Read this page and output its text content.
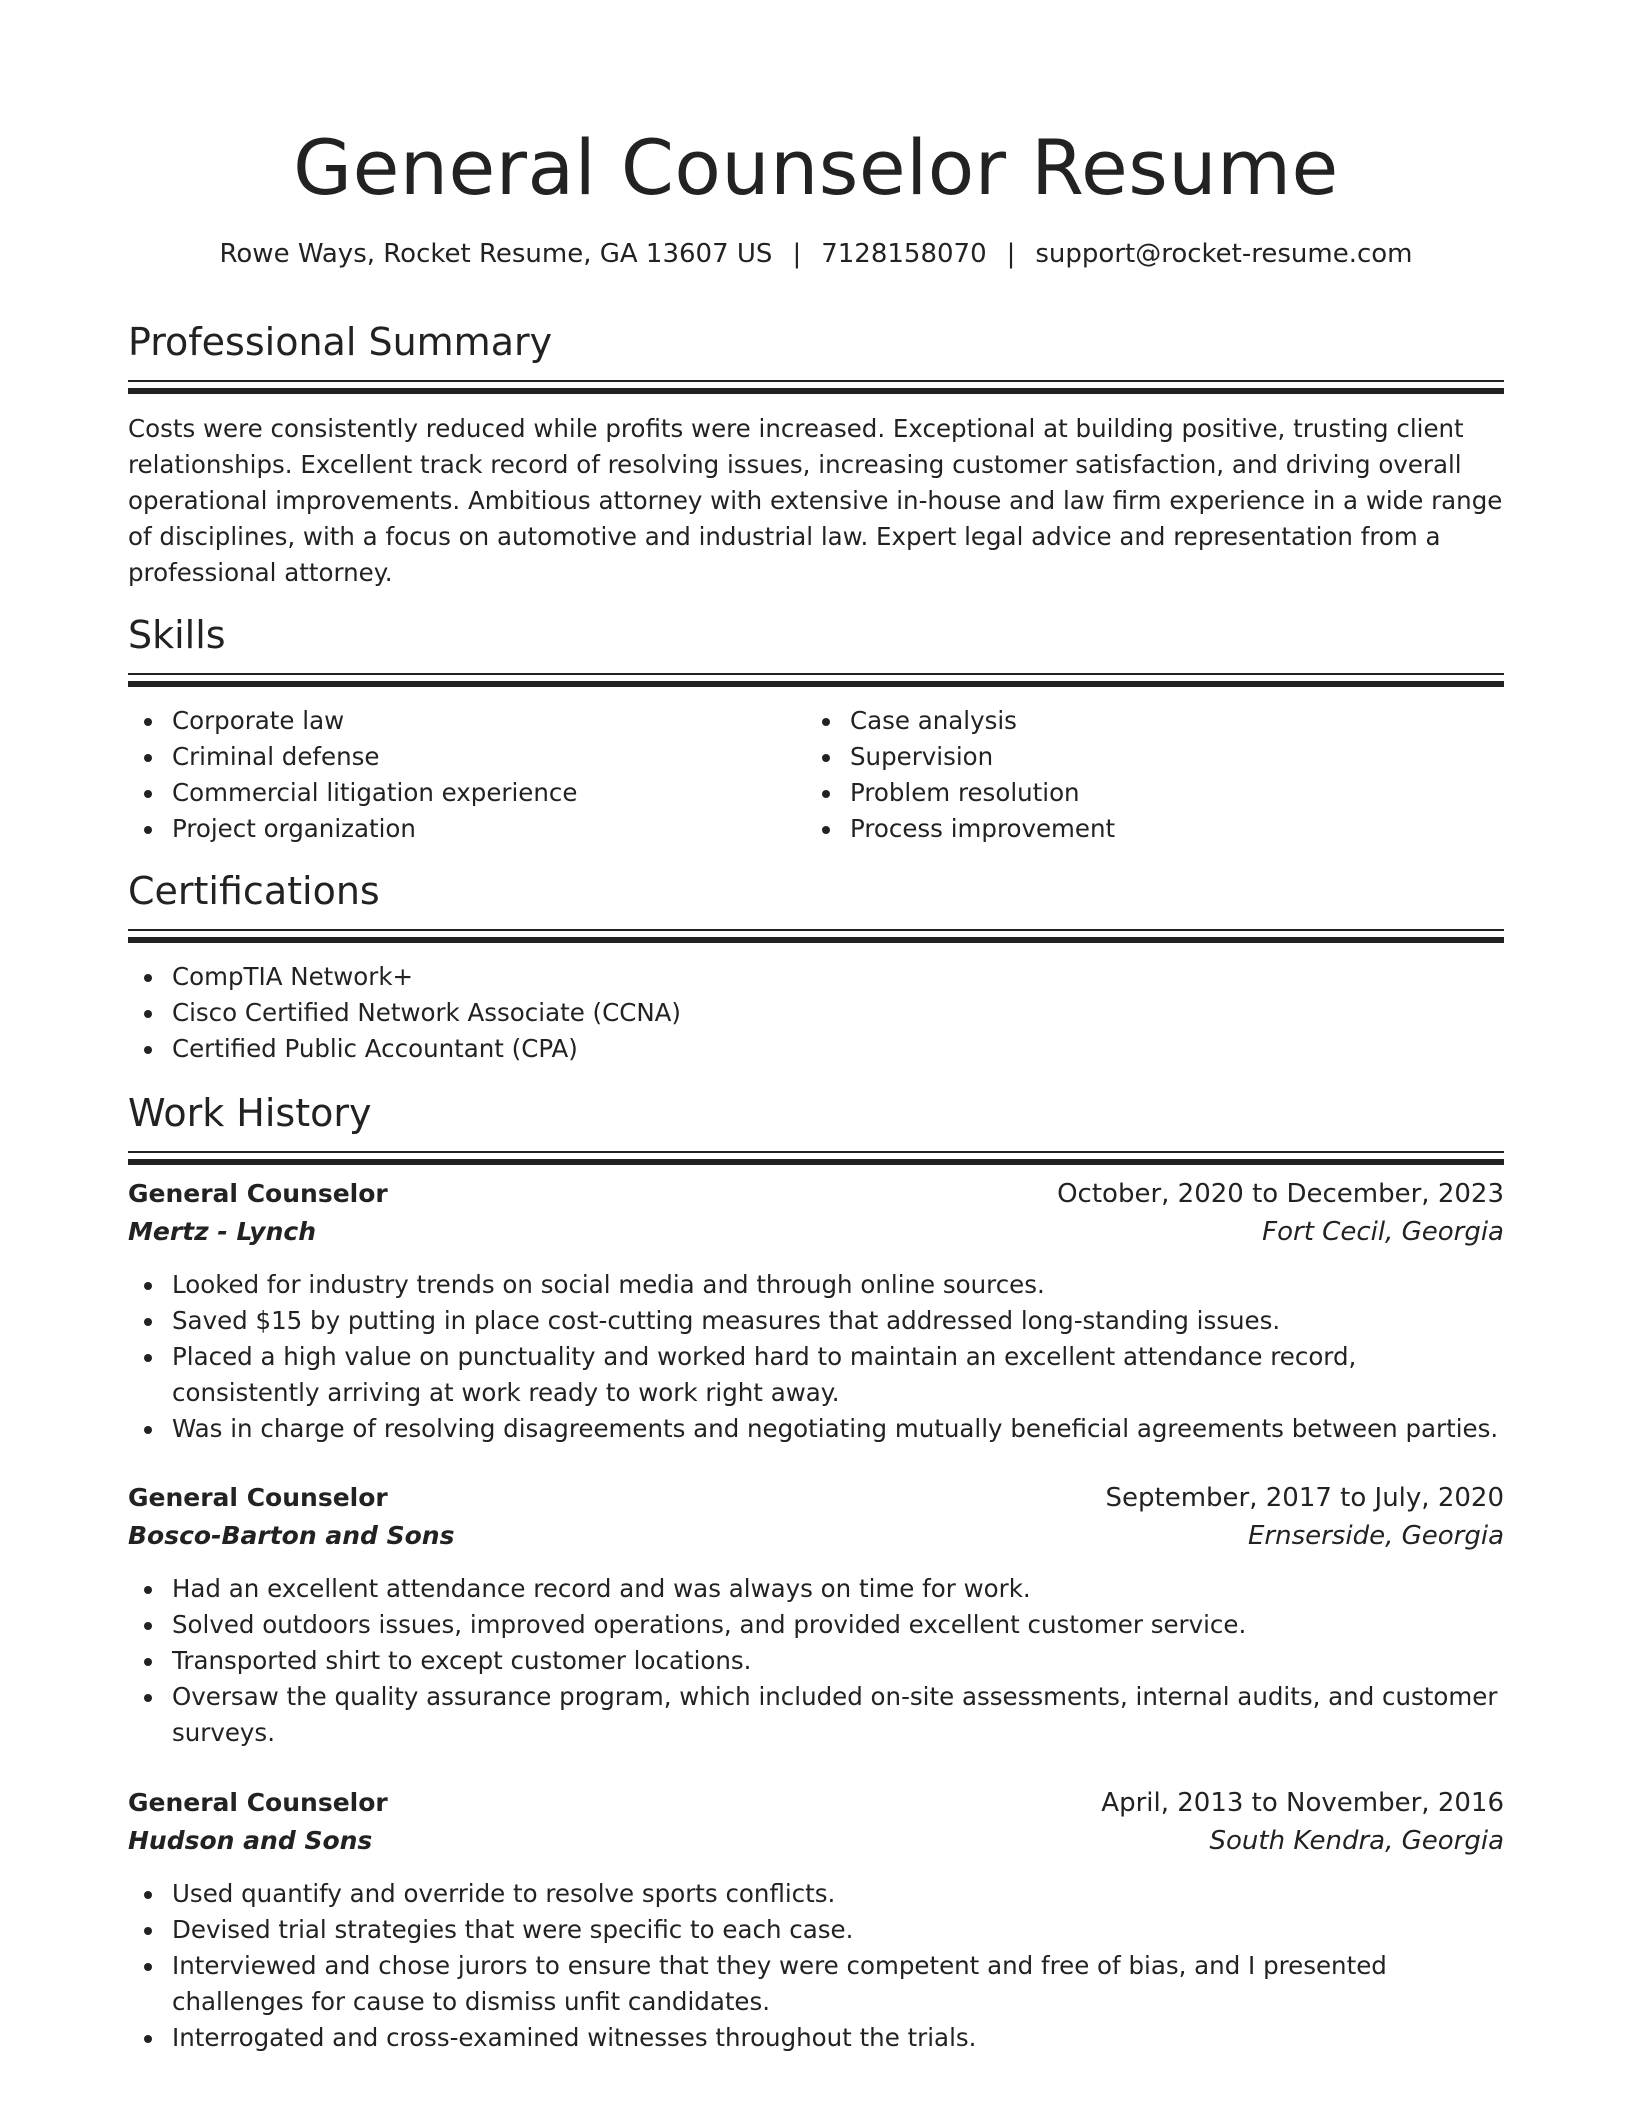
General Counselor Resume
Rowe Ways, Rocket Resume, GA 13607 US | 7128158070 | support@rocket-resume.com
Professional Summary

Costs were consistently reduced while profits were increased. Exceptional at building positive, trusting client relationships. Excellent track record of resolving issues, increasing customer satisfaction, and driving overall operational improvements. Ambitious attorney with extensive in-house and law firm experience in a wide range of disciplines, with a focus on automotive and industrial law. Expert legal advice and representation from a professional attorney.

Skills
Corporate law
Criminal defense
Commercial litigation experience
Project organization
Case analysis
Supervision
Problem resolution
Process improvement
Certifications
CompTIA Network+
Cisco Certified Network Associate (CCNA)
Certified Public Accountant (CPA)
Work History
General Counselor	October, 2020 to December, 2023
Mertz - Lynch	Fort Cecil, Georgia
Looked for industry trends on social media and through online sources.
Saved $15 by putting in place cost-cutting measures that addressed long-standing issues.
Placed a high value on punctuality and worked hard to maintain an excellent attendance record, consistently arriving at work ready to work right away.
Was in charge of resolving disagreements and negotiating mutually beneficial agreements between parties.
General Counselor	September, 2017 to July, 2020
Bosco-Barton and Sons	Ernserside, Georgia
Had an excellent attendance record and was always on time for work.
Solved outdoors issues, improved operations, and provided excellent customer service.
Transported shirt to except customer locations.
Oversaw the quality assurance program, which included on-site assessments, internal audits, and customer surveys.
General Counselor	April, 2013 to November, 2016
Hudson and Sons	South Kendra, Georgia
Used quantify and override to resolve sports conflicts.
Devised trial strategies that were specific to each case.
Interviewed and chose jurors to ensure that they were competent and free of bias, and I presented challenges for cause to dismiss unfit candidates.
Interrogated and cross-examined witnesses throughout the trials.
